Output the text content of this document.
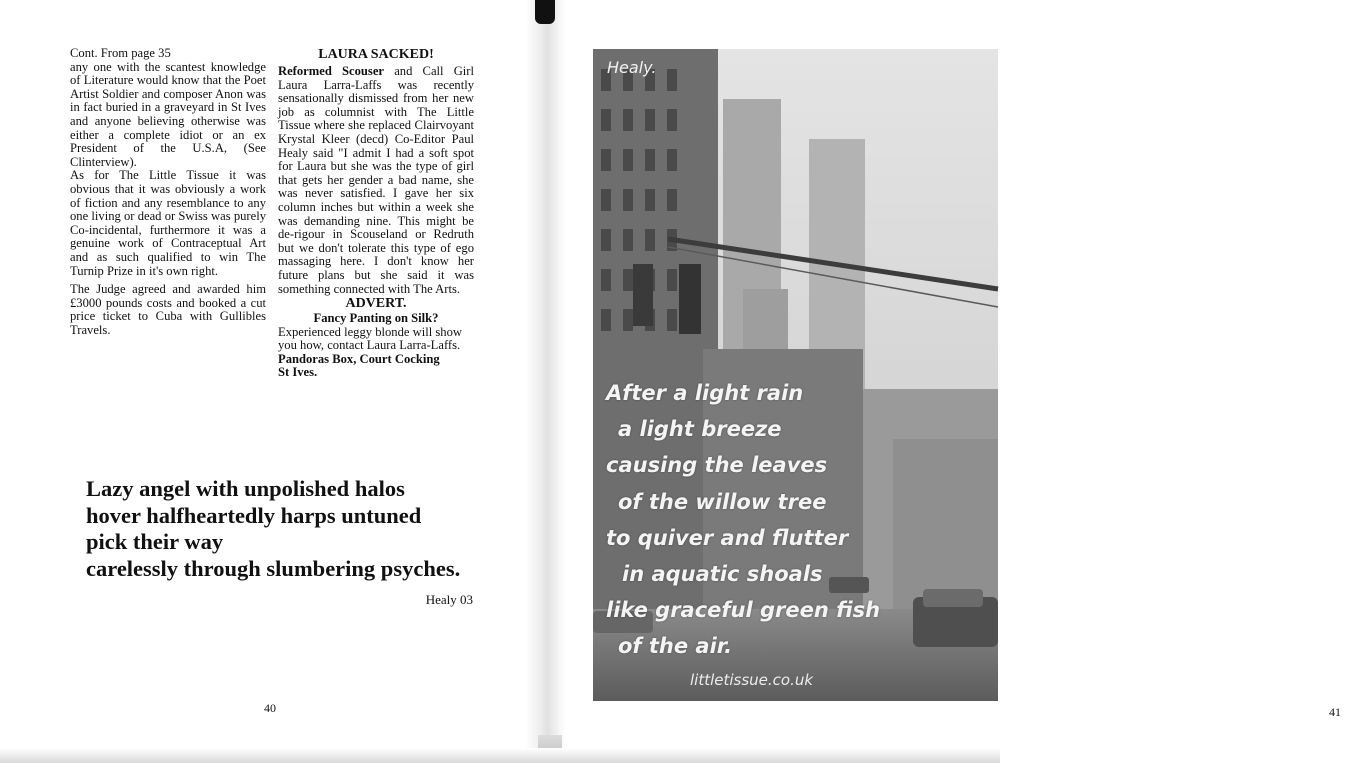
Cont. From page 35

any one with the scantest knowledge of Literature would know that the Poet Artist Soldier and composer Anon was in fact buried in a graveyard in St Ives and anyone believing otherwise was either a complete idiot or an ex President of the U.S.A, (See Clinterview).

As for The Little Tissue it was obvious that it was obviously a work of fiction and any resemblance to any one living or dead or Swiss was purely Co-incidental, furthermore it was a genuine work of Contraceptual Art and as such qualified to win The Turnip Prize in it's own right.

The Judge agreed and awarded him £3000 pounds costs and booked a cut price ticket to Cuba with Gullibles Travels.

LAURA SACKED!

Reformed Scouser and Call Girl Laura Larra-Laffs was recently sensationally dismissed from her new job as columnist with The Little Tissue where she replaced Clairvoyant Krystal Kleer (decd) Co-Editor Paul Healy said "I admit I had a soft spot for Laura but she was the type of girl that gets her gender a bad name, she was never satisfied. I gave her six column inches but within a week she was demanding nine. This might be de-rigour in Scouseland or Redruth but we don't tolerate this type of ego massaging here. I don't know her future plans but she said it was something connected with The Arts.

ADVERT.
Fancy Panting on Silk?
Experienced leggy blonde will show you how, contact Laura Larra-Laffs.
Pandoras Box, Court Cocking
St Ives.
Lazy angel with unpolished halos
hover halfheartedly harps untuned
pick their way
carelessly through slumbering psyches.
Healy 03
40	41
Healy.
After a light rain
a light breeze
causing the leaves
of the willow tree
to quiver and flutter
in aquatic shoals
like graceful green fish
of the air.
littletissue.co.uk
